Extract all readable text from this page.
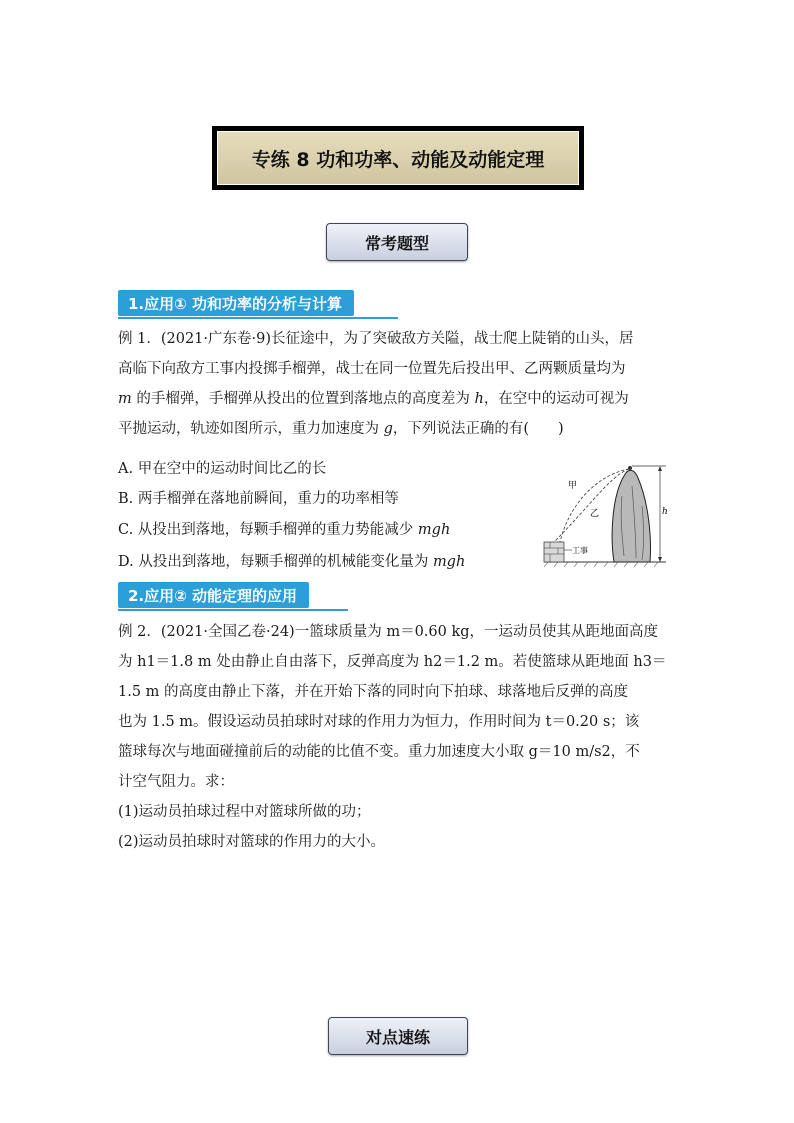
专练 8 功和功率、动能及动能定理
常考题型
1.应用① 功和功率的分析与计算
例 1．(2021·广东卷·9)长征途中，为了突破敌方关隘，战士爬上陡销的山头，居
高临下向敌方工事内投掷手榴弹，战士在同一位置先后投出甲、乙两颗质量均为
m 的手榴弹，手榴弹从投出的位置到落地点的高度差为 h，在空中的运动可视为
平抛运动，轨迹如图所示，重力加速度为 g，下列说法正确的有(　　)
A. 甲在空中的运动时间比乙的长
B. 两手榴弹在落地前瞬间，重力的功率相等
C. 从投出到落地，每颗手榴弹的重力势能减少 mgh
D. 从投出到落地，每颗手榴弹的机械能变化量为 mgh
甲
乙	h
工事
2.应用② 动能定理的应用
例 2．(2021·全国乙卷·24)一篮球质量为 m＝0.60 kg，一运动员使其从距地面高度
为 h1＝1.8 m 处由静止自由落下，反弹高度为 h2＝1.2 m。若使篮球从距地面 h3＝
1.5 m 的高度由静止下落，并在开始下落的同时向下拍球、球落地后反弹的高度
也为 1.5 m。假设运动员拍球时对球的作用力为恒力，作用时间为 t＝0.20 s；该
篮球每次与地面碰撞前后的动能的比值不变。重力加速度大小取 g＝10 m/s2，不
计空气阻力。求：
(1)运动员拍球过程中对篮球所做的功；
(2)运动员拍球时对篮球的作用力的大小。
对点速练
